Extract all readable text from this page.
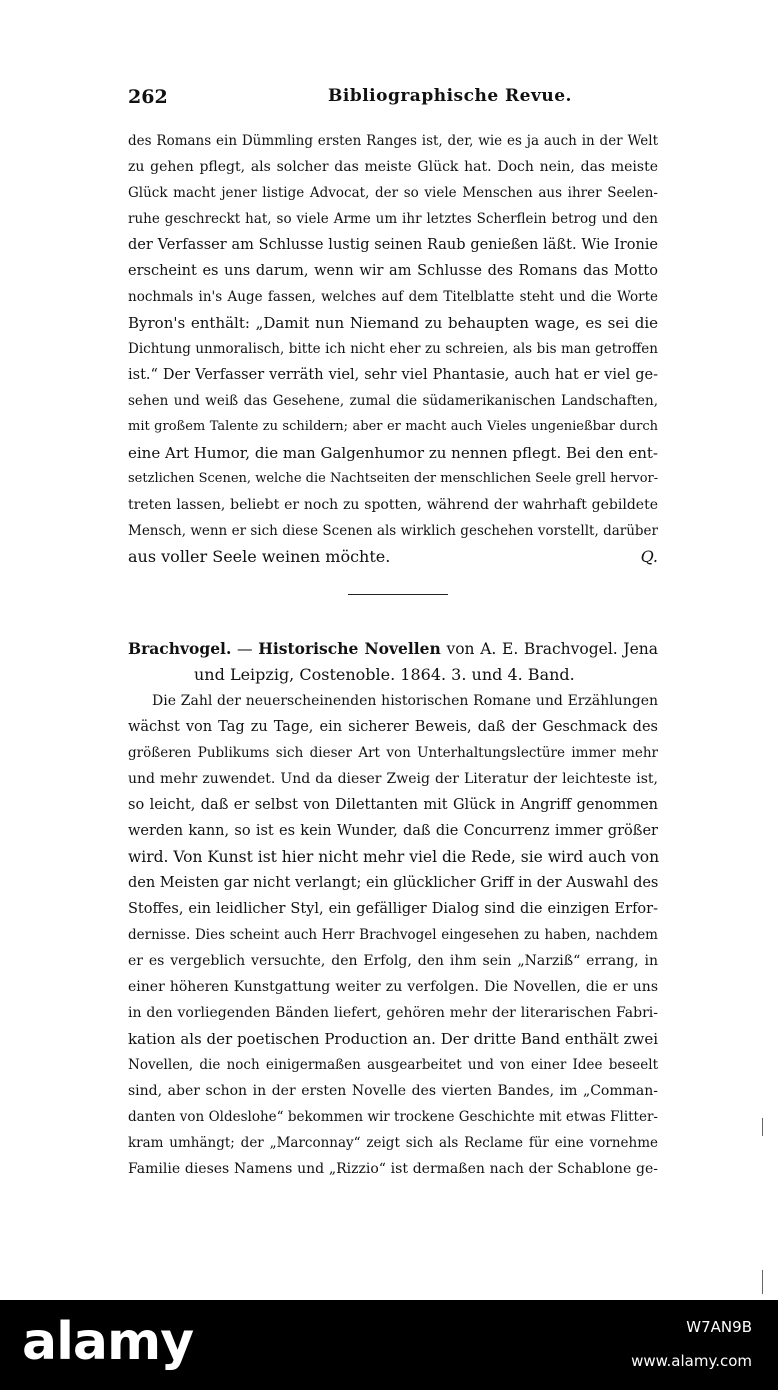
262	Bibliographische Revue.
des Romans ein Dümmling ersten Ranges ist, der, wie es ja auch in der Welt
zu gehen pflegt, als solcher das meiste Glück hat. Doch nein, das meiste
Glück macht jener listige Advocat, der so viele Menschen aus ihrer Seelen-
ruhe geschreckt hat, so viele Arme um ihr letztes Scherflein betrog und den
der Verfasser am Schlusse lustig seinen Raub genießen läßt. Wie Ironie
erscheint es uns darum, wenn wir am Schlusse des Romans das Motto
nochmals in's Auge fassen, welches auf dem Titelblatte steht und die Worte
Byron's enthält: „Damit nun Niemand zu behaupten wage, es sei die
Dichtung unmoralisch, bitte ich nicht eher zu schreien, als bis man getroffen
ist.“ Der Verfasser verräth viel, sehr viel Phantasie, auch hat er viel ge-
sehen und weiß das Gesehene, zumal die südamerikanischen Landschaften,
mit großem Talente zu schildern; aber er macht auch Vieles ungenießbar durch
eine Art Humor, die man Galgenhumor zu nennen pflegt. Bei den ent-
setzlichen Scenen, welche die Nachtseiten der menschlichen Seele grell hervor-
treten lassen, beliebt er noch zu spotten, während der wahrhaft gebildete
Mensch, wenn er sich diese Scenen als wirklich geschehen vorstellt, darüber
aus voller Seele weinen möchte.	Q.
Brachvogel. — Historische Novellen von A. E. Brachvogel. Jena
und Leipzig, Costenoble. 1864. 3. und 4. Band.
Die Zahl der neuerscheinenden historischen Romane und Erzählungen
wächst von Tag zu Tage, ein sicherer Beweis, daß der Geschmack des
größeren Publikums sich dieser Art von Unterhaltungslectüre immer mehr
und mehr zuwendet. Und da dieser Zweig der Literatur der leichteste ist,
so leicht, daß er selbst von Dilettanten mit Glück in Angriff genommen
werden kann, so ist es kein Wunder, daß die Concurrenz immer größer
wird. Von Kunst ist hier nicht mehr viel die Rede, sie wird auch von
den Meisten gar nicht verlangt; ein glücklicher Griff in der Auswahl des
Stoffes, ein leidlicher Styl, ein gefälliger Dialog sind die einzigen Erfor-
dernisse. Dies scheint auch Herr Brachvogel eingesehen zu haben, nachdem
er es vergeblich versuchte, den Erfolg, den ihm sein „Narziß“ errang, in
einer höheren Kunstgattung weiter zu verfolgen. Die Novellen, die er uns
in den vorliegenden Bänden liefert, gehören mehr der literarischen Fabri-
kation als der poetischen Production an. Der dritte Band enthält zwei
Novellen, die noch einigermaßen ausgearbeitet und von einer Idee beseelt
sind, aber schon in der ersten Novelle des vierten Bandes, im „Comman-
danten von Oldeslohe“ bekommen wir trockene Geschichte mit etwas Flitter-
kram umhängt; der „Marconnay“ zeigt sich als Reclame für eine vornehme
Familie dieses Namens und „Rizzio“ ist dermaßen nach der Schablone ge-
alamy	W7AN9B
www.alamy.com
